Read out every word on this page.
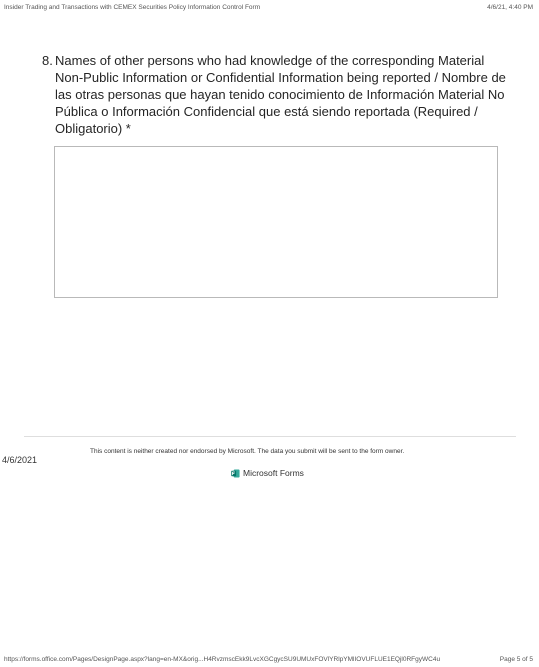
Insider Trading and Transactions with CEMEX Securities Policy Information Control Form	4/6/21, 4:40 PM
8. Names of other persons who had knowledge of the corresponding Material Non-Public Information or Confidential Information being reported / Nombre de las otras personas que hayan tenido conocimiento de Información Material No Pública o Información Confidencial que está siendo reportada (Required / Obligatorio) *
4/6/2021
This content is neither created nor endorsed by Microsoft. The data you submit will be sent to the form owner.
Microsoft Forms
https://forms.office.com/Pages/DesignPage.aspx?lang=en-MX&orig...H4RvzmscEkk9LvcXGCgycSU9UMUxFOVlYRlpYMlIOVUFLUE1EQjl0RFgyWC4u	Page 5 of 5
